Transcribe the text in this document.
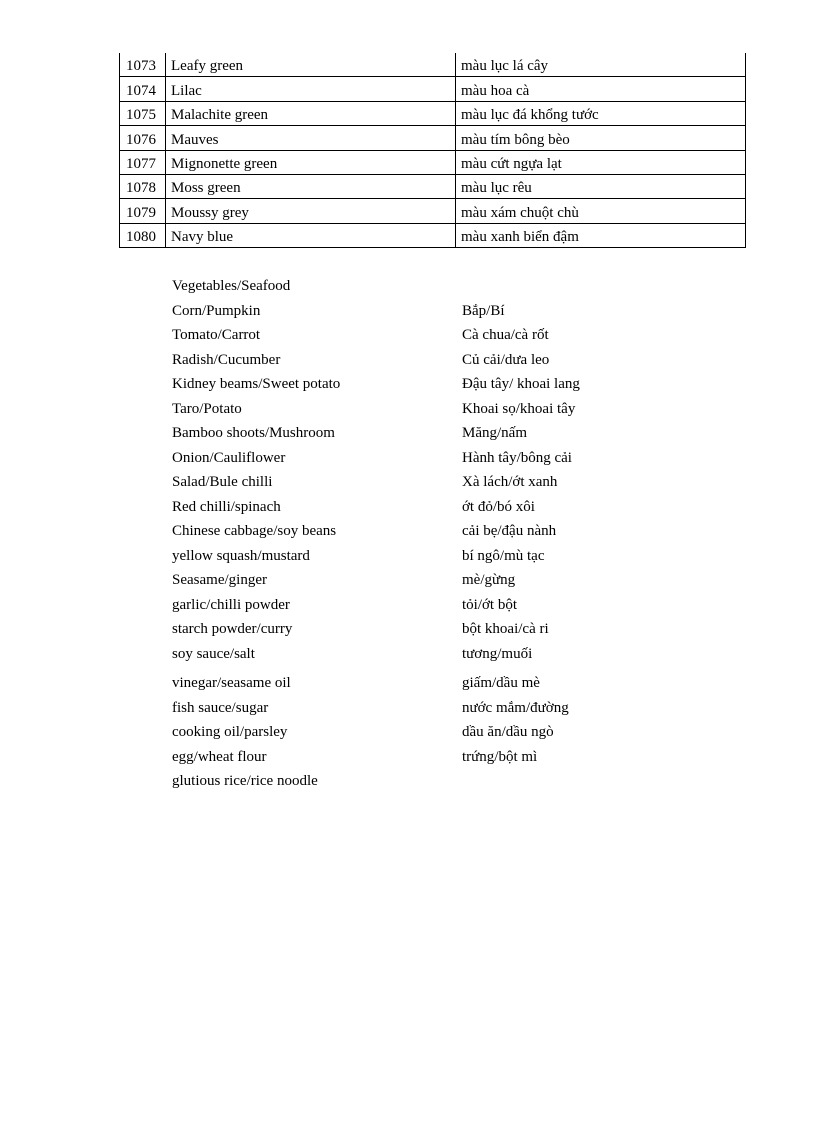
1073	Leafy green	màu lục lá cây
1074	Lilac	màu hoa cà
1075	Malachite green	màu lục đá khổng tước
1076	Mauves	màu tím bông bèo
1077	Mignonette green	màu cứt ngựa lạt
1078	Moss green	màu lục rêu
1079	Moussy grey	màu xám chuột chù
1080	Navy blue	màu xanh biển đậm
Vegetables/Seafood
Corn/Pumpkin	Bắp/Bí
Tomato/Carrot	Cà chua/cà rốt
Radish/Cucumber	Củ cải/dưa leo
Kidney beams/Sweet potato	Đậu tây/ khoai lang
Taro/Potato	Khoai sọ/khoai tây
Bamboo shoots/Mushroom	Măng/nấm
Onion/Cauliflower	Hành tây/bông cải
Salad/Bule chilli	Xà lách/ớt xanh
Red chilli/spinach	ớt đỏ/bó xôi
Chinese cabbage/soy beans	cải bẹ/đậu nành
yellow squash/mustard	bí ngô/mù tạc
Seasame/ginger	mè/gừng
garlic/chilli powder	tỏi/ớt bột
starch powder/curry	bột khoai/cà ri
soy sauce/salt	tương/muối
vinegar/seasame oil	giấm/dầu mè
fish sauce/sugar	nước mắm/đường
cooking oil/parsley	dầu ăn/dầu ngò
egg/wheat flour	trứng/bột mì
glutious rice/rice noodle
